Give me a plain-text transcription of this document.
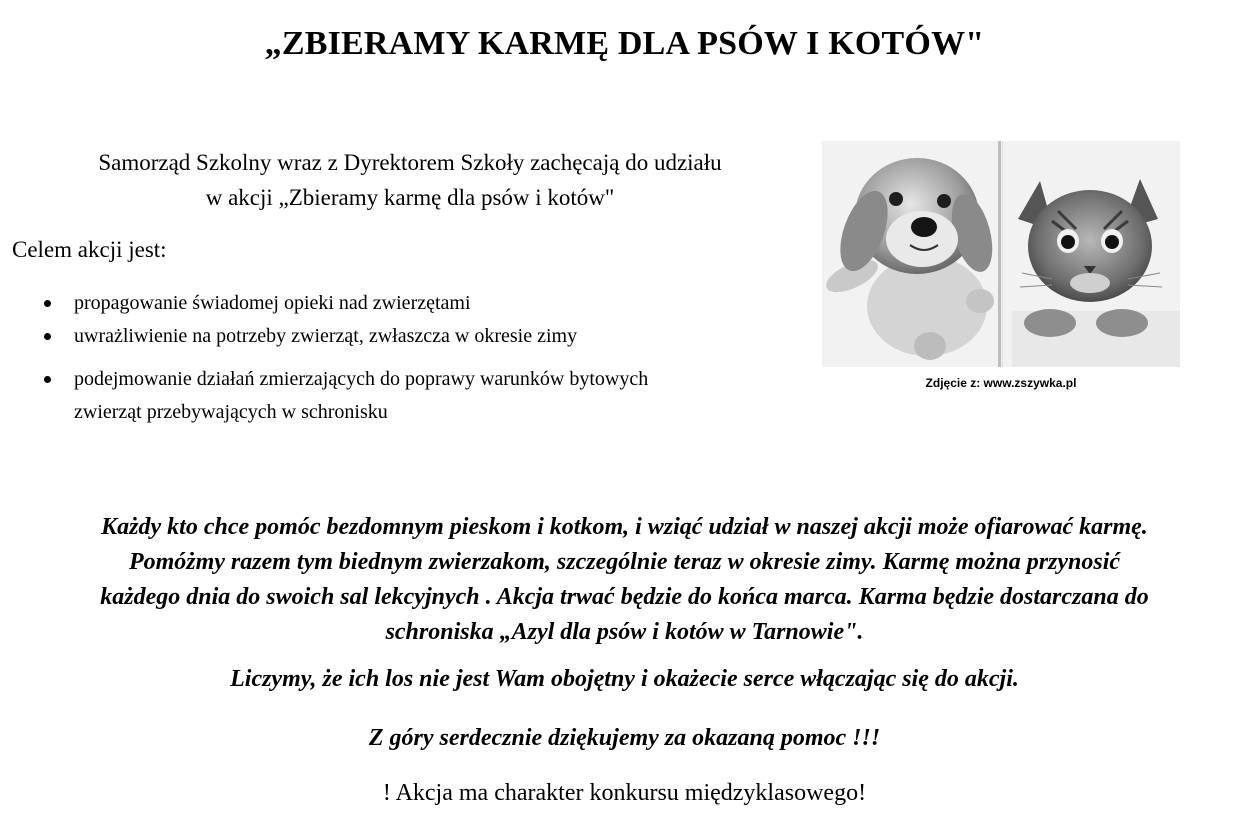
„ZBIERAMY KARMĘ DLA PSÓW I KOTÓW"
Samorząd Szkolny wraz z Dyrektorem Szkoły zachęcają do udziału
w akcji „Zbieramy karmę dla psów i kotów"
Celem akcji jest:
propagowanie świadomej opieki nad zwierzętami
uwrażliwienie na potrzeby zwierząt, zwłaszcza w okresie zimy
podejmowanie działań zmierzających do poprawy warunków bytowych
zwierząt przebywających w schronisku
Zdjęcie z: www.zszywka.pl
Każdy kto chce pomóc bezdomnym pieskom i kotkom, i wziąć udział w naszej akcji może ofiarować karmę.
Pomóżmy razem tym biednym zwierzakom, szczególnie teraz w okresie zimy. Karmę można przynosić
każdego dnia do swoich sal lekcyjnych . Akcja trwać będzie do końca marca. Karma będzie dostarczana do
schroniska „Azyl dla psów i kotów w Tarnowie".
Liczymy, że ich los nie jest Wam obojętny i okażecie serce włączając się do akcji.
Z góry serdecznie dziękujemy za okazaną pomoc !!!
! Akcja ma charakter konkursu międzyklasowego!
